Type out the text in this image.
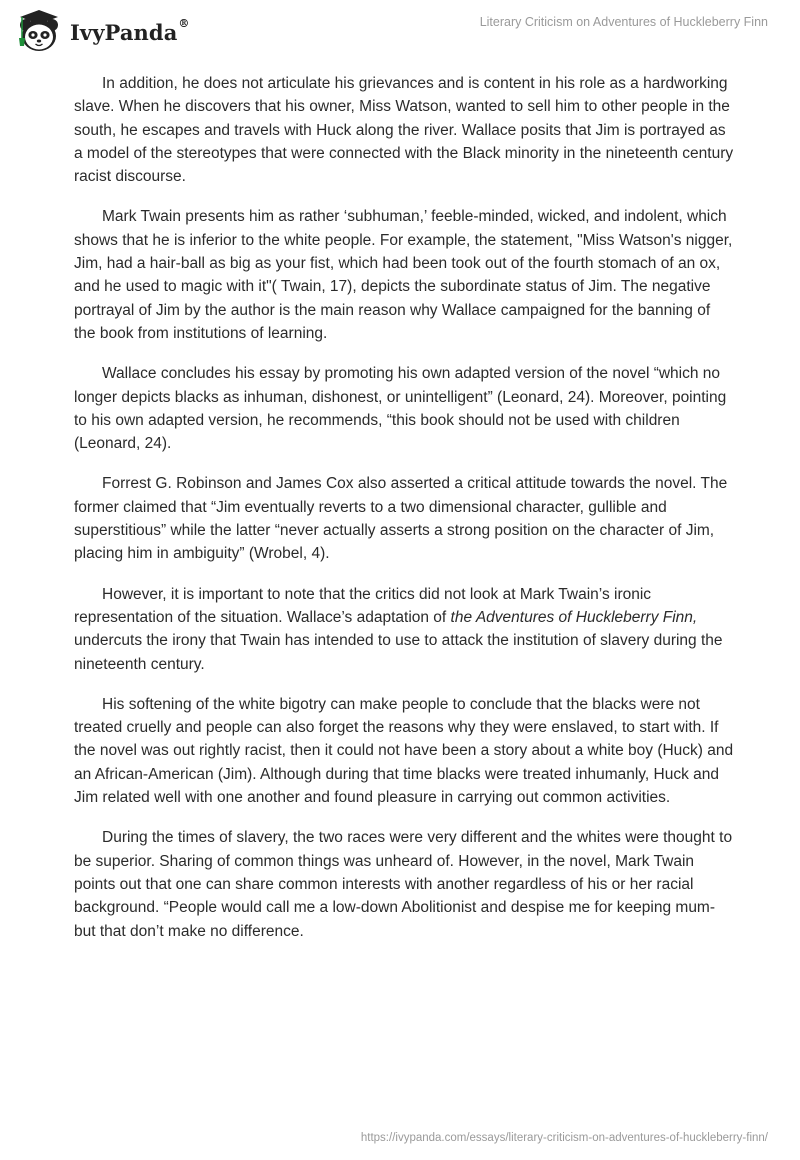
IvyPanda®	Literary Criticism on Adventures of Huckleberry Finn

In addition, he does not articulate his grievances and is content in his role as a hardworking slave. When he discovers that his owner, Miss Watson, wanted to sell him to other people in the south, he escapes and travels with Huck along the river. Wallace posits that Jim is portrayed as a model of the stereotypes that were connected with the Black minority in the nineteenth century racist discourse.

Mark Twain presents him as rather ‘subhuman,’ feeble-minded, wicked, and indolent, which shows that he is inferior to the white people. For example, the statement, "Miss Watson's nigger, Jim, had a hair-ball as big as your fist, which had been took out of the fourth stomach of an ox, and he used to magic with it"( Twain, 17), depicts the subordinate status of Jim. The negative portrayal of Jim by the author is the main reason why Wallace campaigned for the banning of the book from institutions of learning.

Wallace concludes his essay by promoting his own adapted version of the novel “which no longer depicts blacks as inhuman, dishonest, or unintelligent” (Leonard, 24). Moreover, pointing to his own adapted version, he recommends, “this book should not be used with children (Leonard, 24).

Forrest G. Robinson and James Cox also asserted a critical attitude towards the novel. The former claimed that “Jim eventually reverts to a two dimensional character, gullible and superstitious” while the latter “never actually asserts a strong position on the character of Jim, placing him in ambiguity” (Wrobel, 4).

However, it is important to note that the critics did not look at Mark Twain’s ironic representation of the situation. Wallace’s adaptation of the Adventures of Huckleberry Finn, undercuts the irony that Twain has intended to use to attack the institution of slavery during the nineteenth century.

His softening of the white bigotry can make people to conclude that the blacks were not treated cruelly and people can also forget the reasons why they were enslaved, to start with. If the novel was out rightly racist, then it could not have been a story about a white boy (Huck) and an African-American (Jim). Although during that time blacks were treated inhumanly, Huck and Jim related well with one another and found pleasure in carrying out common activities.

During the times of slavery, the two races were very different and the whites were thought to be superior. Sharing of common things was unheard of. However, in the novel, Mark Twain points out that one can share common interests with another regardless of his or her racial background. “People would call me a low-down Abolitionist and despise me for keeping mum-but that don’t make no difference.

https://ivypanda.com/essays/literary-criticism-on-adventures-of-huckleberry-finn/
